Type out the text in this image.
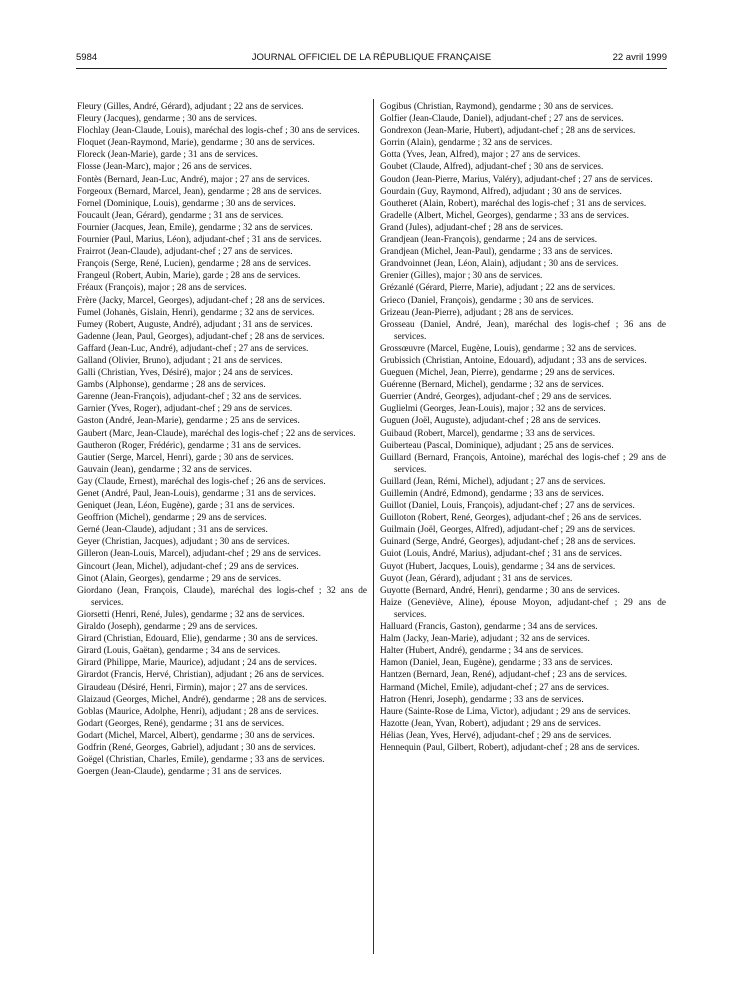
5984	JOURNAL OFFICIEL DE LA RÉPUBLIQUE FRANÇAISE	22 avril 1999

Fleury (Gilles, André, Gérard), adjudant ; 22 ans de services.

Fleury (Jacques), gendarme ; 30 ans de services.

Flochlay (Jean-Claude, Louis), maréchal des logis-chef ; 30 ans de services.

Floquet (Jean-Raymond, Marie), gendarme ; 30 ans de services.

Floreck (Jean-Marie), garde ; 31 ans de services.

Flosse (Jean-Marc), major ; 26 ans de services.

Fontès (Bernard, Jean-Luc, André), major ; 27 ans de services.

Forgeoux (Bernard, Marcel, Jean), gendarme ; 28 ans de services.

Fornel (Dominique, Louis), gendarme ; 30 ans de services.

Foucault (Jean, Gérard), gendarme ; 31 ans de services.

Fournier (Jacques, Jean, Emile), gendarme ; 32 ans de services.

Fournier (Paul, Marius, Léon), adjudant-chef ; 31 ans de services.

Frairrot (Jean-Claude), adjudant-chef ; 27 ans de services.

François (Serge, René, Lucien), gendarme ; 28 ans de services.

Frangeul (Robert, Aubin, Marie), garde ; 28 ans de services.

Fréaux (François), major ; 28 ans de services.

Frère (Jacky, Marcel, Georges), adjudant-chef ; 28 ans de services.

Fumel (Johanès, Gislain, Henri), gendarme ; 32 ans de services.

Fumey (Robert, Auguste, André), adjudant ; 31 ans de services.

Gadenne (Jean, Paul, Georges), adjudant-chef ; 28 ans de services.

Gaffard (Jean-Luc, André), adjudant-chef ; 27 ans de services.

Galland (Olivier, Bruno), adjudant ; 21 ans de services.

Galli (Christian, Yves, Désiré), major ; 24 ans de services.

Gambs (Alphonse), gendarme ; 28 ans de services.

Garenne (Jean-François), adjudant-chef ; 32 ans de services.

Garnier (Yves, Roger), adjudant-chef ; 29 ans de services.

Gaston (André, Jean-Marie), gendarme ; 25 ans de services.

Gaubert (Marc, Jean-Claude), maréchal des logis-chef ; 22 ans de services.

Gautheron (Roger, Frédéric), gendarme ; 31 ans de services.

Gautier (Serge, Marcel, Henri), garde ; 30 ans de services.

Gauvain (Jean), gendarme ; 32 ans de services.

Gay (Claude, Ernest), maréchal des logis-chef ; 26 ans de services.

Genet (André, Paul, Jean-Louis), gendarme ; 31 ans de services.

Geniquet (Jean, Léon, Eugène), garde ; 31 ans de services.

Geoffrion (Michel), gendarme ; 29 ans de services.

Gerné (Jean-Claude), adjudant ; 31 ans de services.

Geyer (Christian, Jacques), adjudant ; 30 ans de services.

Gilleron (Jean-Louis, Marcel), adjudant-chef ; 29 ans de services.

Gincourt (Jean, Michel), adjudant-chef ; 29 ans de services.

Ginot (Alain, Georges), gendarme ; 29 ans de services.

Giordano (Jean, François, Claude), maréchal des logis-chef ; 32 ans de services.

Giorsetti (Henri, René, Jules), gendarme ; 32 ans de services.

Giraldo (Joseph), gendarme ; 29 ans de services.

Girard (Christian, Edouard, Elie), gendarme ; 30 ans de services.

Girard (Louis, Gaëtan), gendarme ; 34 ans de services.

Girard (Philippe, Marie, Maurice), adjudant ; 24 ans de services.

Girardot (Francis, Hervé, Christian), adjudant ; 26 ans de services.

Giraudeau (Désiré, Henri, Firmin), major ; 27 ans de services.

Glaizaud (Georges, Michel, André), gendarme ; 28 ans de services.

Goblas (Maurice, Adolphe, Henri), adjudant ; 28 ans de services.

Godart (Georges, René), gendarme ; 31 ans de services.

Godart (Michel, Marcel, Albert), gendarme ; 30 ans de services.

Godfrin (René, Georges, Gabriel), adjudant ; 30 ans de services.

Goëgel (Christian, Charles, Emile), gendarme ; 33 ans de services.

Goergen (Jean-Claude), gendarme ; 31 ans de services.

Gogibus (Christian, Raymond), gendarme ; 30 ans de services.

Golfier (Jean-Claude, Daniel), adjudant-chef ; 27 ans de services.

Gondrexon (Jean-Marie, Hubert), adjudant-chef ; 28 ans de services.

Gorrin (Alain), gendarme ; 32 ans de services.

Gotta (Yves, Jean, Alfred), major ; 27 ans de services.

Goubet (Claude, Alfred), adjudant-chef ; 30 ans de services.

Goudon (Jean-Pierre, Marius, Valéry), adjudant-chef ; 27 ans de services.

Gourdain (Guy, Raymond, Alfred), adjudant ; 30 ans de services.

Goutheret (Alain, Robert), maréchal des logis-chef ; 31 ans de services.

Gradelle (Albert, Michel, Georges), gendarme ; 33 ans de services.

Grand (Jules), adjudant-chef ; 28 ans de services.

Grandjean (Jean-François), gendarme ; 24 ans de services.

Grandjean (Michel, Jean-Paul), gendarme ; 33 ans de services.

Grandvoinnet (Jean, Léon, Alain), adjudant ; 30 ans de services.

Grenier (Gilles), major ; 30 ans de services.

Grézanlé (Gérard, Pierre, Marie), adjudant ; 22 ans de services.

Grieco (Daniel, François), gendarme ; 30 ans de services.

Grizeau (Jean-Pierre), adjudant ; 28 ans de services.

Grosseau (Daniel, André, Jean), maréchal des logis-chef ; 36 ans de services.

Grossœuvre (Marcel, Eugène, Louis), gendarme ; 32 ans de services.

Grubissich (Christian, Antoine, Edouard), adjudant ; 33 ans de services.

Gueguen (Michel, Jean, Pierre), gendarme ; 29 ans de services.

Guérenne (Bernard, Michel), gendarme ; 32 ans de services.

Guerrier (André, Georges), adjudant-chef ; 29 ans de services.

Guglielmi (Georges, Jean-Louis), major ; 32 ans de services.

Guguen (Joël, Auguste), adjudant-chef ; 28 ans de services.

Guibaud (Robert, Marcel), gendarme ; 33 ans de services.

Guiberteau (Pascal, Dominique), adjudant ; 25 ans de services.

Guillard (Bernard, François, Antoine), maréchal des logis-chef ; 29 ans de services.

Guillard (Jean, Rémi, Michel), adjudant ; 27 ans de services.

Guillemin (André, Edmond), gendarme ; 33 ans de services.

Guillot (Daniel, Louis, François), adjudant-chef ; 27 ans de services.

Guilloton (Robert, René, Georges), adjudant-chef ; 26 ans de services.

Guilmain (Joël, Georges, Alfred), adjudant-chef ; 29 ans de services.

Guinard (Serge, André, Georges), adjudant-chef ; 28 ans de services.

Guiot (Louis, André, Marius), adjudant-chef ; 31 ans de services.

Guyot (Hubert, Jacques, Louis), gendarme ; 34 ans de services.

Guyot (Jean, Gérard), adjudant ; 31 ans de services.

Guyotte (Bernard, André, Henri), gendarme ; 30 ans de services.

Haize (Geneviève, Aline), épouse Moyon, adjudant-chef ; 29 ans de services.

Halluard (Francis, Gaston), gendarme ; 34 ans de services.

Halm (Jacky, Jean-Marie), adjudant ; 32 ans de services.

Halter (Hubert, André), gendarme ; 34 ans de services.

Hamon (Daniel, Jean, Eugène), gendarme ; 33 ans de services.

Hantzen (Bernard, Jean, René), adjudant-chef ; 23 ans de services.

Harmand (Michel, Emile), adjudant-chef ; 27 ans de services.

Hatron (Henri, Joseph), gendarme ; 33 ans de services.

Haure (Sainte-Rose de Lima, Victor), adjudant ; 29 ans de services.

Hazotte (Jean, Yvan, Robert), adjudant ; 29 ans de services.

Hélias (Jean, Yves, Hervé), adjudant-chef ; 29 ans de services.

Hennequin (Paul, Gilbert, Robert), adjudant-chef ; 28 ans de services.
